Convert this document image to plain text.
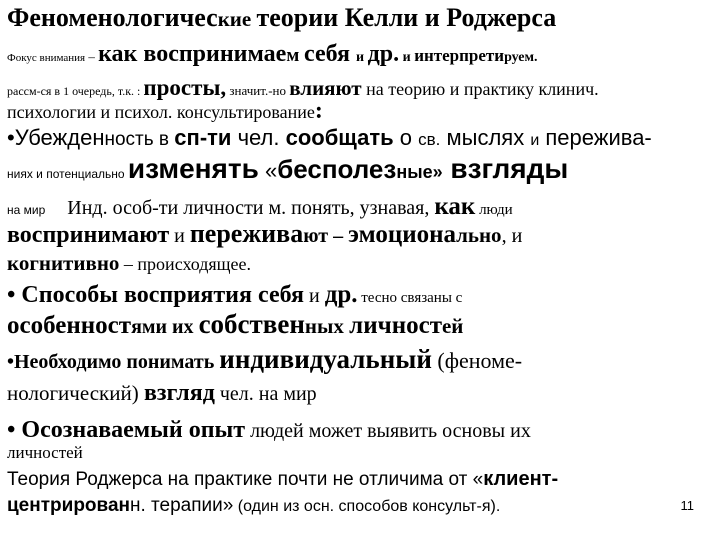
Феноменологические теории Келли и Роджерса
Фокус внимания – как воспринимаем себя и др. и интерпретируем.
рассм-ся в 1 очередь, т.к. : просты, значит.-но влияют на теорию и практику клинич.
психологии и психол. консультирование:
•Убежденность в сп-ти чел. сообщать о св. мыслях и пережива-
ниях и потенциально изменять «бесполезные» взгляды
на мир Инд. особ-ти личности м. понять, узнавая, как люди
воспринимают и переживают – эмоционально, и
когнитивно – происходящее.
• Способы восприятия себя и др. тесно связаны с
особенностями их собственных личностей
•Необходимо понимать индивидуальный (феноме-
нологический) взгляд чел. на мир
• Осознаваемый опыт людей может выявить основы их
личностей
Теория Роджерса на практике почти не отличима от «клиент-
центрированн. терапии» (один из осн. способов консульт-я).	11
